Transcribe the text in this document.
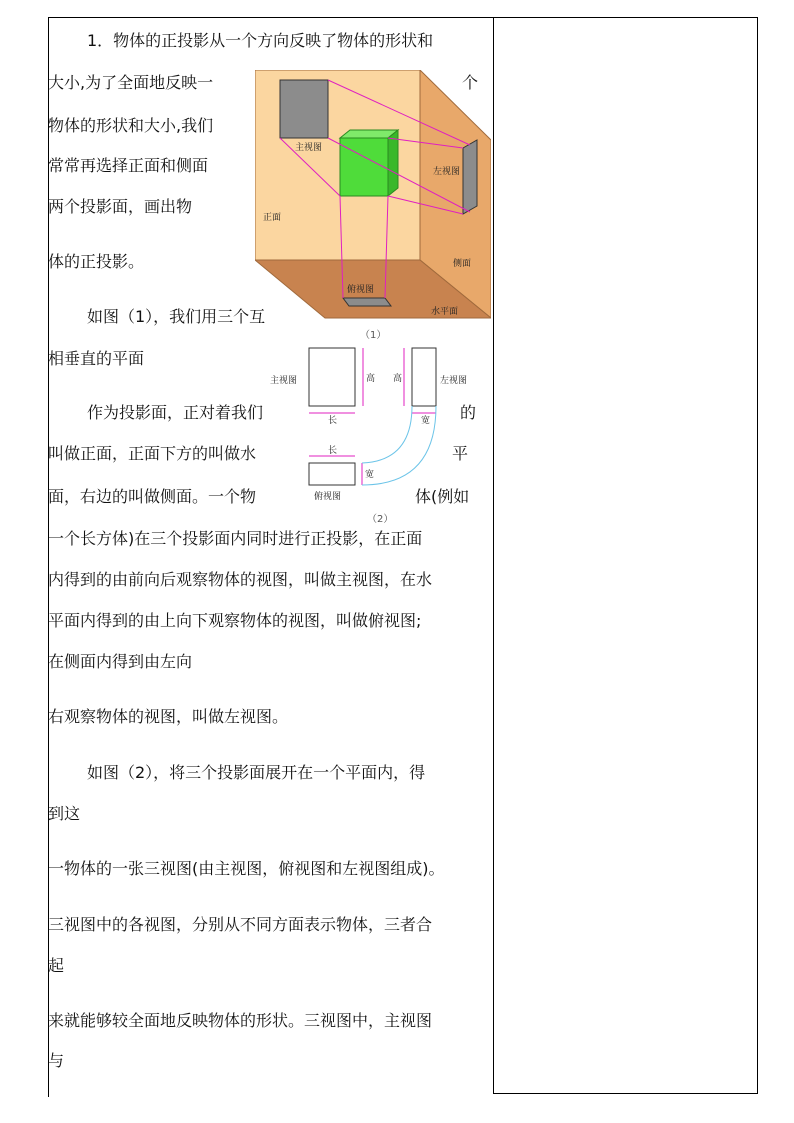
1．物体的正投影从一个方向反映了物体的形状和
大小,为了全面地反映一	个
物体的形状和大小,我们
常常再选择正面和侧面
两个投影面，画出物
体的正投影。
如图（1），我们用三个互
相垂直的平面
作为投影面，正对着我们	的
叫做正面，正面下方的叫做水	平
面，右边的叫做侧面。一个物	体(例如
一个长方体)在三个投影面内同时进行正投影，在正面
内得到的由前向后观察物体的视图，叫做主视图，在水
平面内得到的由上向下观察物体的视图，叫做俯视图;
在侧面内得到由左向
右观察物体的视图，叫做左视图。
如图（2），将三个投影面展开在一个平面内，得
到这
一物体的一张三视图(由主视图，俯视图和左视图组成)。
三视图中的各视图，分别从不同方面表示物体，三者合
起
来就能够较全面地反映物体的形状。三视图中，主视图
与
主视图
左视图
正面
侧面
俯视图
水平面
（1）
主视图	左视图
俯视图
高 高
长	宽
长
宽
（2）
